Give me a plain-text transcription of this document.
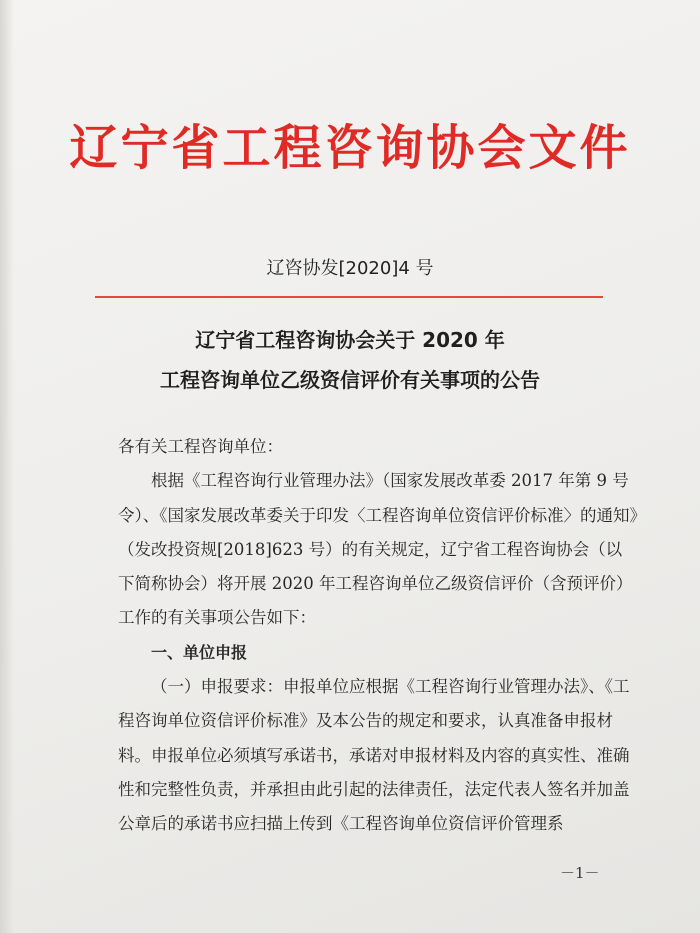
辽宁省工程咨询协会文件
辽咨协发[2020]4 号
辽宁省工程咨询协会关于 2020 年
工程咨询单位乙级资信评价有关事项的公告

各有关工程咨询单位：

根据《工程咨询行业管理办法》（国家发展改革委 2017 年第 9 号令）、《国家发展改革委关于印发〈工程咨询单位资信评价标准〉的通知》（发改投资规[2018]623 号）的有关规定，辽宁省工程咨询协会（以下简称协会）将开展 2020 年工程咨询单位乙级资信评价（含预评价）工作的有关事项公告如下：

一、单位申报

（一）申报要求：申报单位应根据《工程咨询行业管理办法》、《工程咨询单位资信评价标准》及本公告的规定和要求，认真准备申报材料。申报单位必须填写承诺书，承诺对申报材料及内容的真实性、准确性和完整性负责，并承担由此引起的法律责任，法定代表人签名并加盖公章后的承诺书应扫描上传到《工程咨询单位资信评价管理系

－1－
